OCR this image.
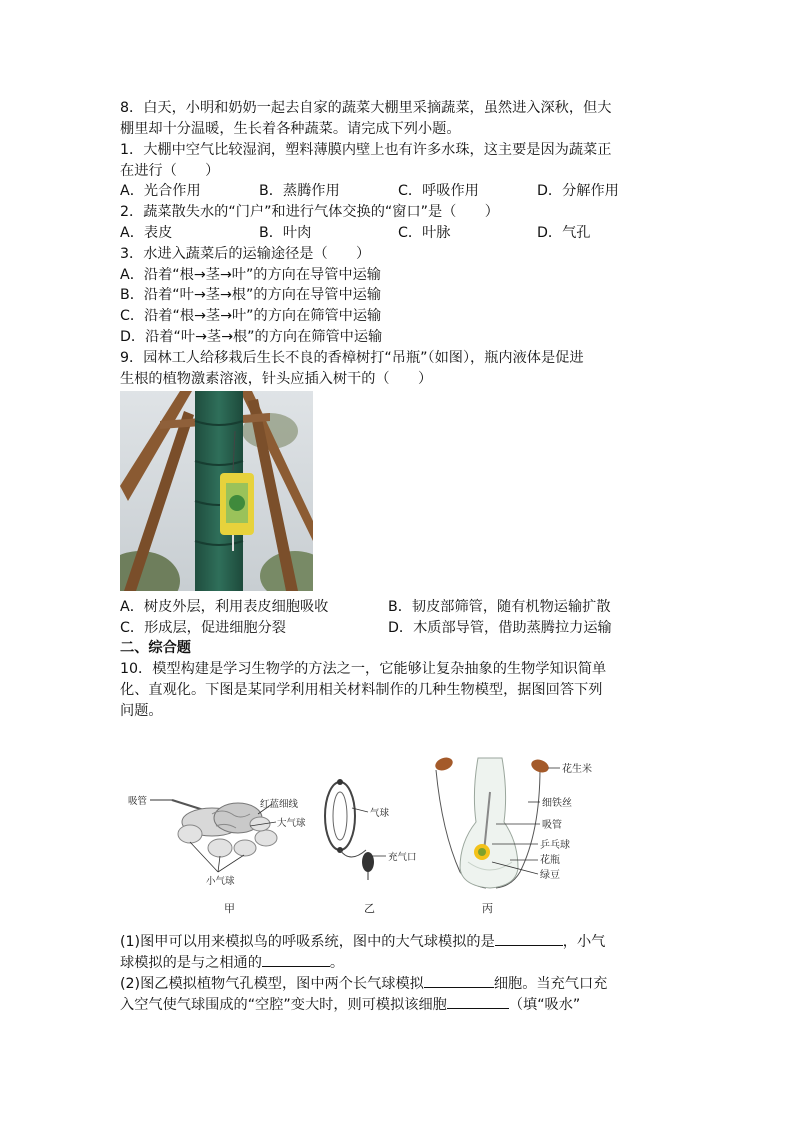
8．白天，小明和奶奶一起去自家的蔬菜大棚里采摘蔬菜，虽然进入深秋，但大
棚里却十分温暖，生长着各种蔬菜。请完成下列小题。
1．大棚中空气比较湿润，塑料薄膜内壁上也有许多水珠，这主要是因为蔬菜正
在进行（　　）
A．光合作用	B．蒸腾作用	C．呼吸作用	D．分解作用
2．蔬菜散失水的“门户”和进行气体交换的“窗口”是（　　）
A．表皮	B．叶肉	C．叶脉	D．气孔
3．水进入蔬菜后的运输途径是（　　）
A．沿着“根→茎→叶”的方向在导管中运输
B．沿着“叶→茎→根”的方向在导管中运输
C．沿着“根→茎→叶”的方向在筛管中运输
D．沿着“叶→茎→根”的方向在筛管中运输
9．园林工人给移栽后生长不良的香樟树打“吊瓶”（如图），瓶内液体是促进
生根的植物激素溶液，针头应插入树干的（　　）
A．树皮外层，利用表皮细胞吸收	B．韧皮部筛管，随有机物运输扩散
C．形成层，促进细胞分裂	D．木质部导管，借助蒸腾拉力运输
二、综合题
10．模型构建是学习生物学的方法之一，它能够让复杂抽象的生物学知识简单
化、直观化。下图是某同学利用相关材料制作的几种生物模型，据图回答下列
问题。
吸管	红蓝细线
大气球
小气球
甲
气球
充气口
乙
花生米
细铁丝
吸管
乒乓球
花瓶
绿豆
丙
(1)图甲可以用来模拟鸟的呼吸系统，图中的大气球模拟的是	，小气
球模拟的是与之相通的	。
(2)图乙模拟植物气孔模型，图中两个长气球模拟	细胞。当充气口充
入空气使气球围成的“空腔”变大时，则可模拟该细胞	（填“吸水”
